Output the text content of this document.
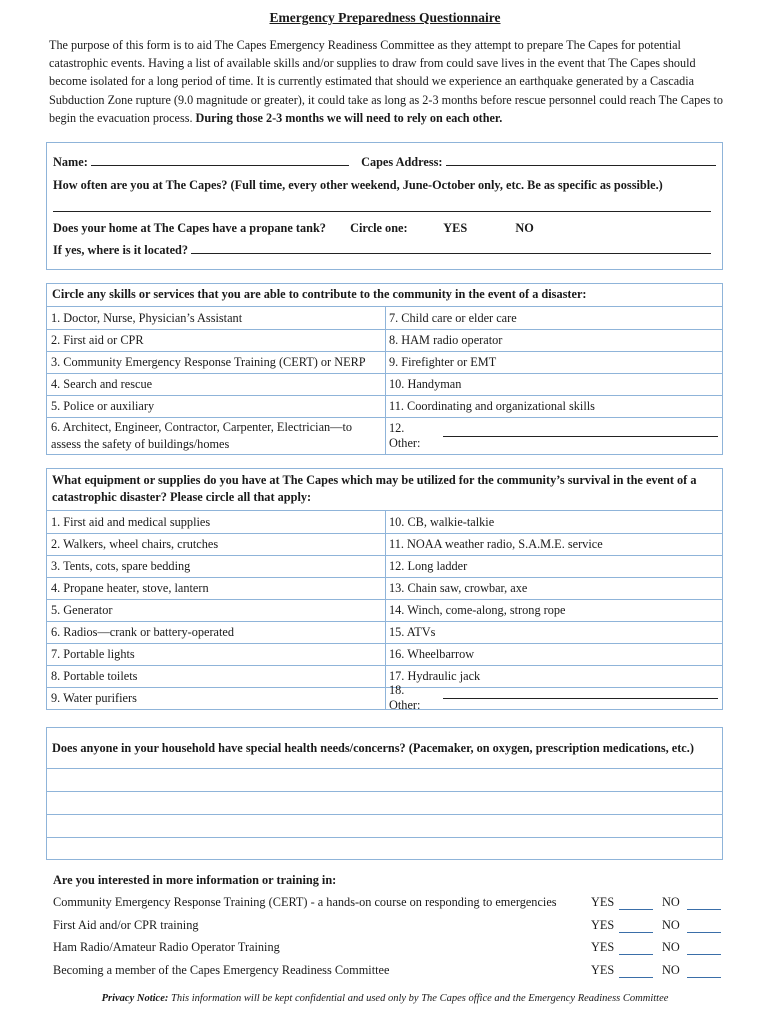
Emergency Preparedness Questionnaire
The purpose of this form is to aid The Capes Emergency Readiness Committee as they attempt to prepare The Capes for potential catastrophic events. Having a list of available skills and/or supplies to draw from could save lives in the event that The Capes should become isolated for a long period of time. It is currently estimated that should we experience an earthquake generated by a Cascadia Subduction Zone rupture (9.0 magnitude or greater), it could take as long as 2-3 months before rescue personnel could reach The Capes to begin the evacuation process. During those 2-3 months we will need to rely on each other.
Name:	Capes Address:
How often are you at The Capes? (Full time, every other weekend, June-October only, etc. Be as specific as possible.)
Does your home at The Capes have a propane tank? Circle one:	YES	NO
If yes, where is it located?
Circle any skills or services that you are able to contribute to the community in the event of a disaster:
1. Doctor, Nurse, Physician’s Assistant	7. Child care or elder care
2. First aid or CPR	8. HAM radio operator
3. Community Emergency Response Training (CERT) or NERP	9. Firefighter or EMT
4. Search and rescue	10. Handyman
5. Police or auxiliary	11. Coordinating and organizational skills
6. Architect, Engineer, Contractor, Carpenter, Electrician—to assess the safety of buildings/homes
12. Other:
What equipment or supplies do you have at The Capes which may be utilized for the community’s survival in the event of a catastrophic disaster? Please circle all that apply:
1. First aid and medical supplies	10. CB, walkie-talkie
2. Walkers, wheel chairs, crutches	11. NOAA weather radio, S.A.M.E. service
3. Tents, cots, spare bedding	12. Long ladder
4. Propane heater, stove, lantern	13. Chain saw, crowbar, axe
5. Generator	14. Winch, come-along, strong rope
6. Radios—crank or battery-operated	15. ATVs
7. Portable lights	16. Wheelbarrow
8. Portable toilets	17. Hydraulic jack
9. Water purifiers
18. Other:
Does anyone in your household have special health needs/concerns? (Pacemaker, on oxygen, prescription medications, etc.)
Are you interested in more information or training in:
Community Emergency Response Training (CERT) - a hands-on course on responding to emergencies	YES	NO
First Aid and/or CPR training	YES	NO
Ham Radio/Amateur Radio Operator Training	YES	NO
Becoming a member of the Capes Emergency Readiness Committee	YES	NO
Privacy Notice: This information will be kept confidential and used only by The Capes office and the Emergency Readiness Committee
